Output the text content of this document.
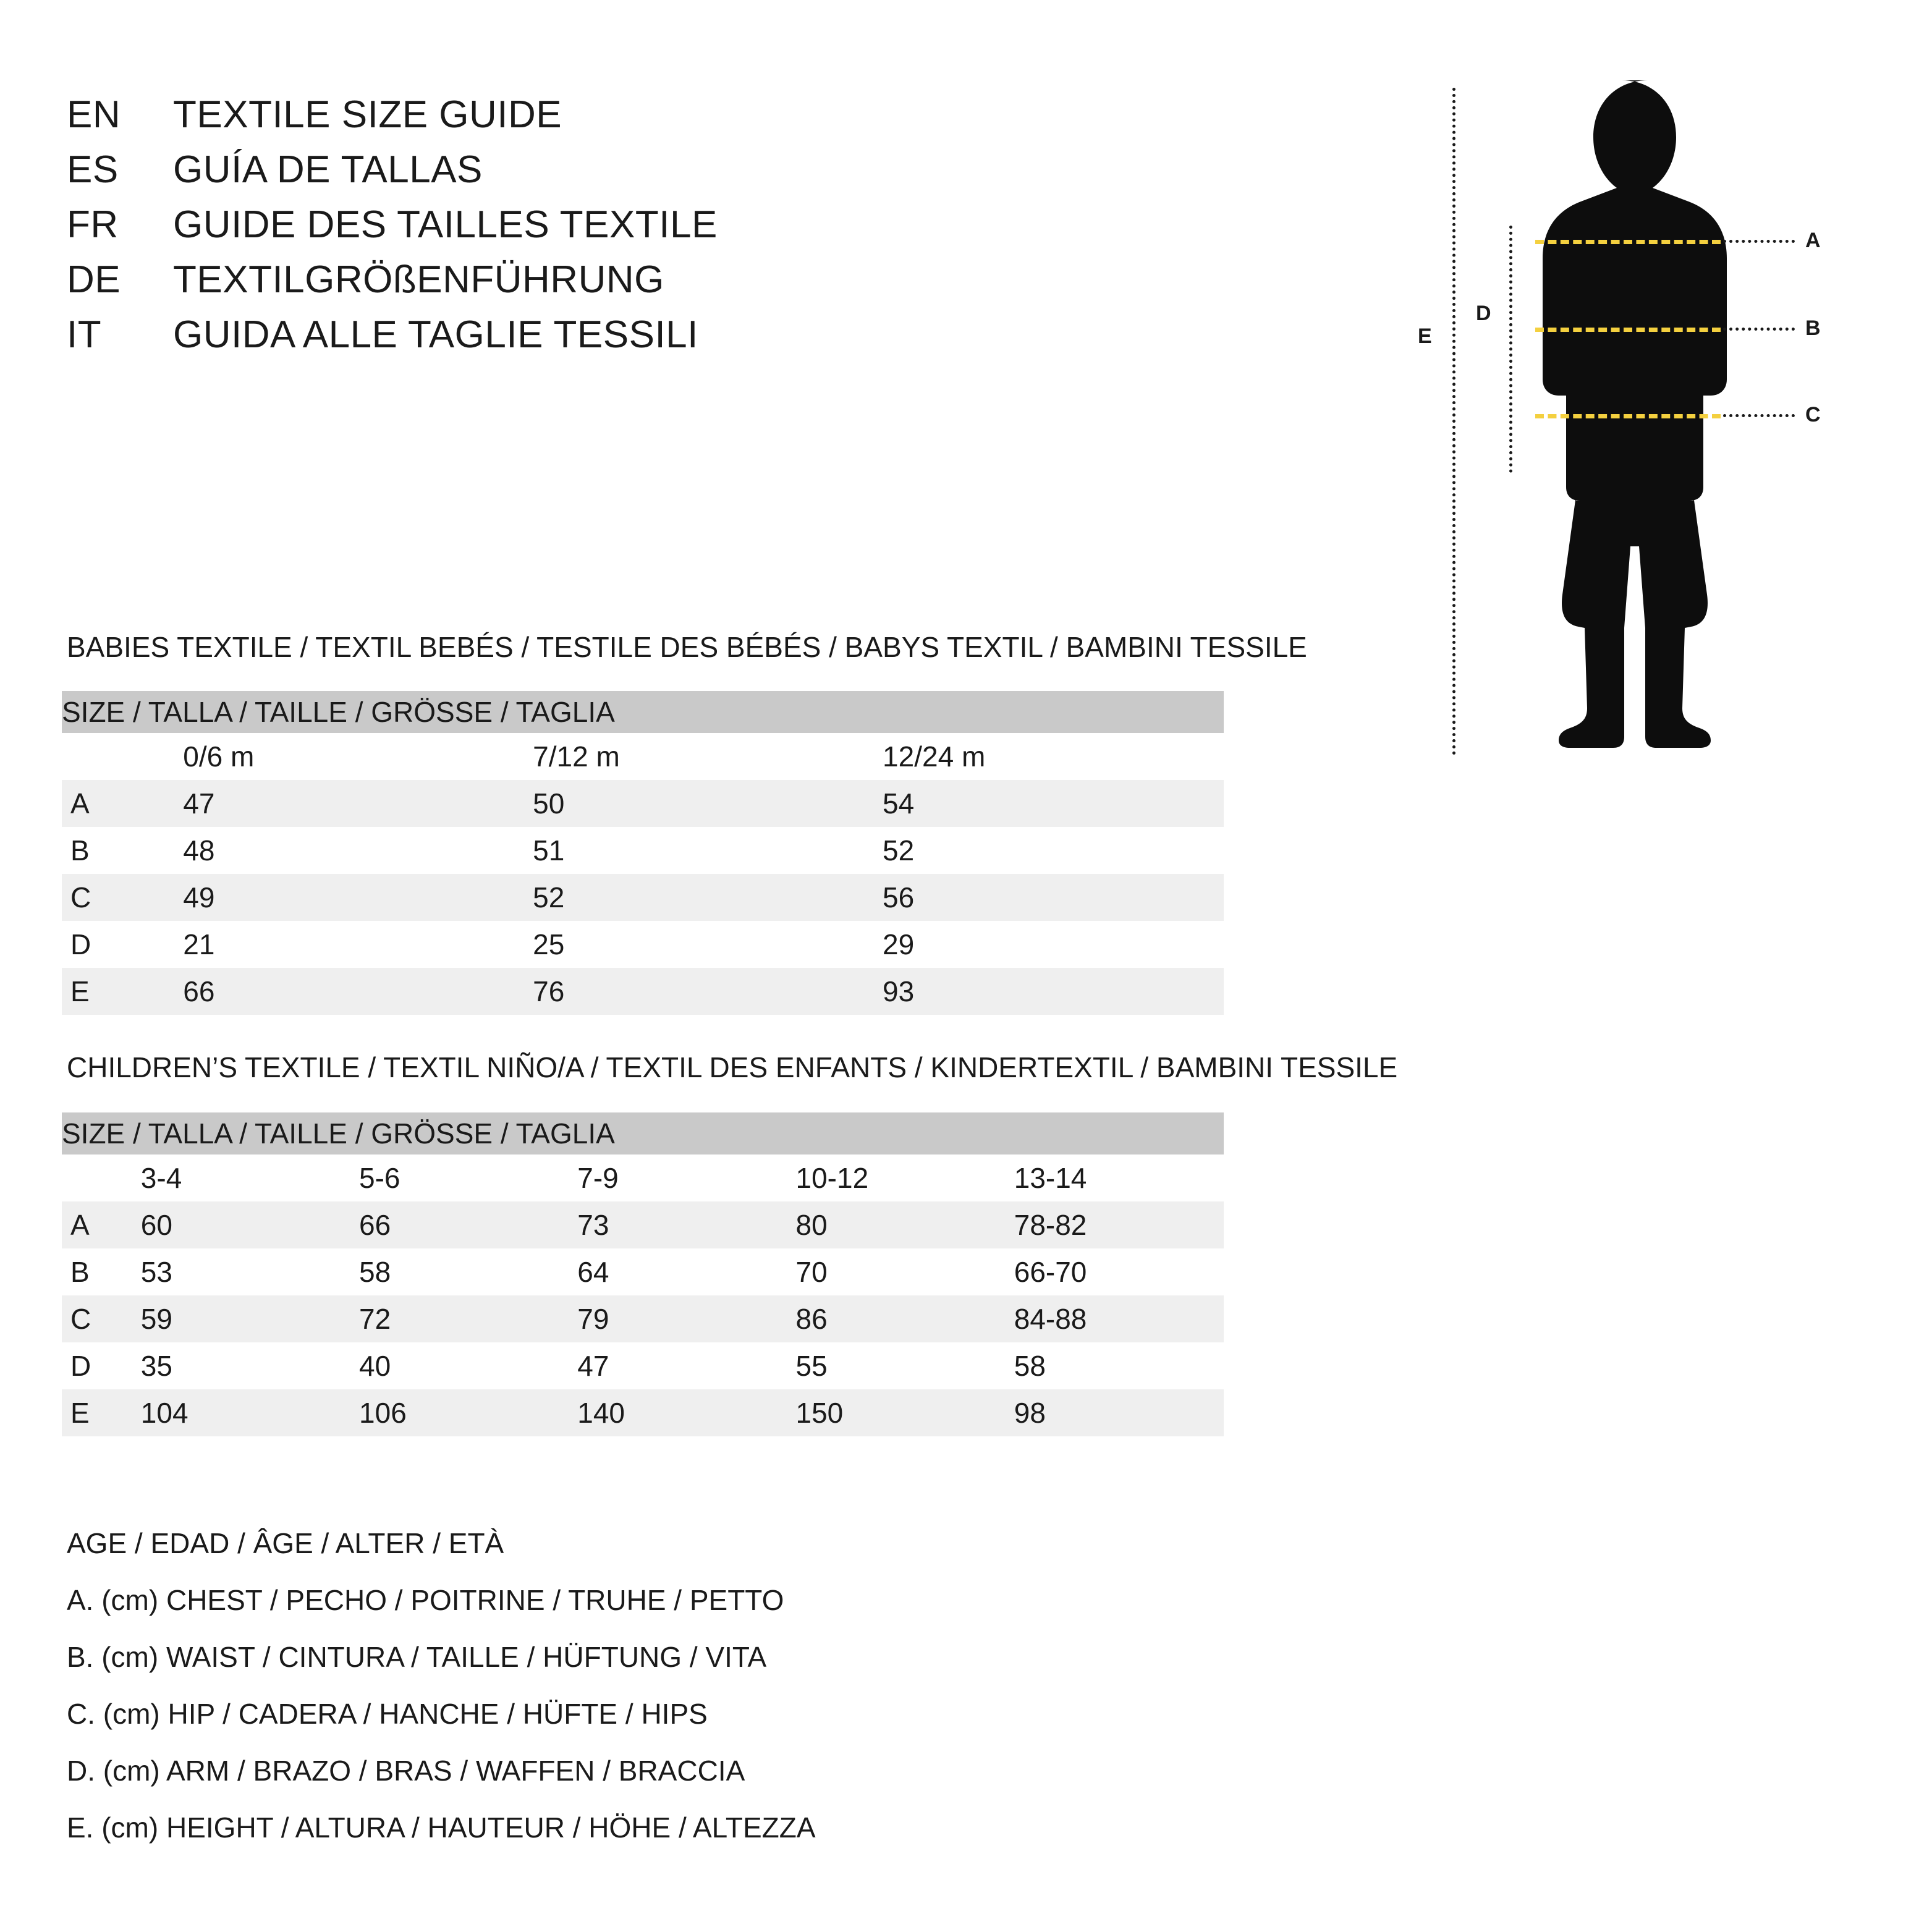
EN	TEXTILE SIZE GUIDE
ES	GUÍA DE TALLAS
FR	GUIDE DES TAILLES TEXTILE
DE	TEXTILGRÖßENFÜHRUNG
IT	GUIDA ALLE TAGLIE TESSILI	E
D
A
B
C
BABIES TEXTILE / TEXTIL BEBÉS / TESTILE DES BÉBÉS / BABYS TEXTIL / BAMBINI TESSILE
SIZE / TALLA / TAILLE / GRÖSSE / TAGLIA			
	0/6 m	7/12 m	12/24 m
A	47	50	54
B	48	51	52
C	49	52	56
D	21	25	29
E	66	76	93
CHILDREN’S TEXTILE / TEXTIL NIÑO/A / TEXTIL DES ENFANTS / KINDERTEXTIL / BAMBINI TESSILE
SIZE / TALLA / TAILLE / GRÖSSE / TAGLIA					
	3-4	5-6	7-9	10-12	13-14
A	60	66	73	80	78-82
B	53	58	64	70	66-70
C	59	72	79	86	84-88
D	35	40	47	55	58
E	104	106	140	150	98
AGE / EDAD / ÂGE / ALTER / ETÀ
A. (cm) CHEST / PECHO / POITRINE / TRUHE / PETTO
B. (cm) WAIST / CINTURA / TAILLE / HÜFTUNG / VITA
C. (cm) HIP / CADERA / HANCHE / HÜFTE / HIPS
D. (cm) ARM / BRAZO / BRAS / WAFFEN / BRACCIA
E. (cm) HEIGHT / ALTURA / HAUTEUR / HÖHE / ALTEZZA
